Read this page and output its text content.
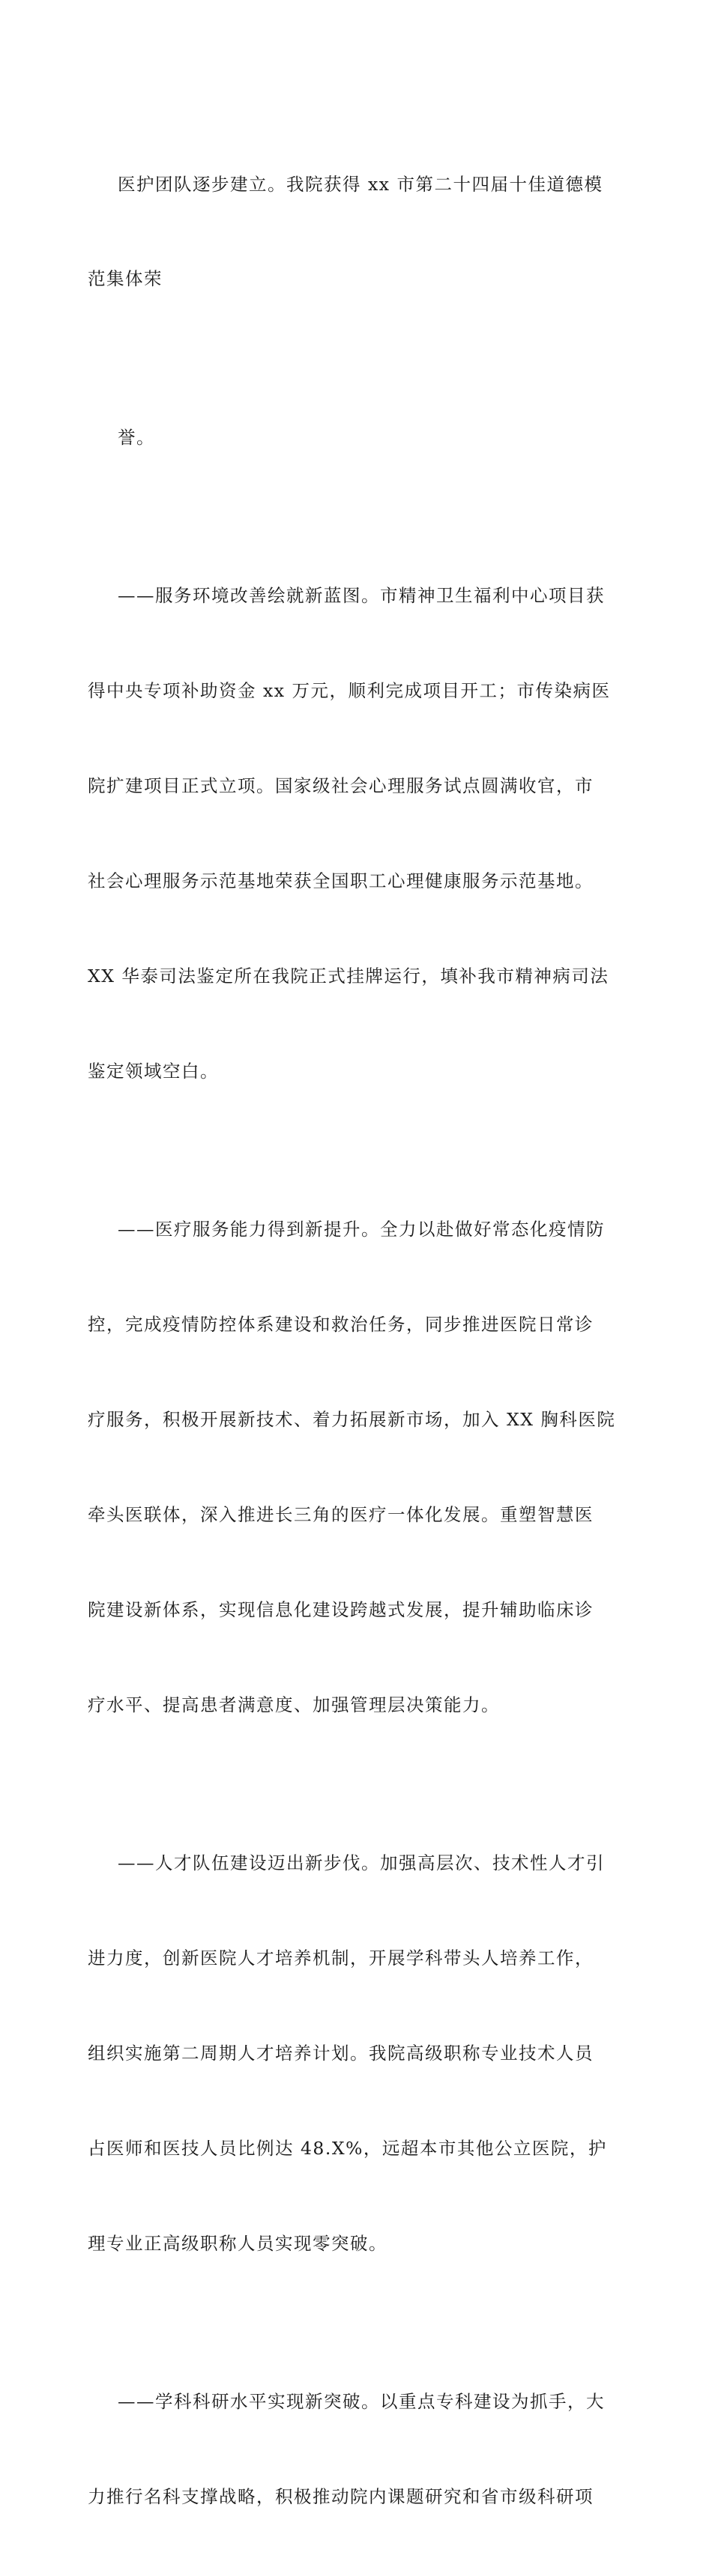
医护团队逐步建立。我院获得 xx 市第二十四届十佳道德模

范集体荣

誉。

——服务环境改善绘就新蓝图。市精神卫生福利中心项目获

得中央专项补助资金 xx 万元，顺利完成项目开工；市传染病医

院扩建项目正式立项。国家级社会心理服务试点圆满收官，市

社会心理服务示范基地荣获全国职工心理健康服务示范基地。

XX 华泰司法鉴定所在我院正式挂牌运行，填补我市精神病司法

鉴定领域空白。

——医疗服务能力得到新提升。全力以赴做好常态化疫情防

控，完成疫情防控体系建设和救治任务，同步推进医院日常诊

疗服务，积极开展新技术、着力拓展新市场，加入 XX 胸科医院

牵头医联体，深入推进长三角的医疗一体化发展。重塑智慧医

院建设新体系，实现信息化建设跨越式发展，提升辅助临床诊

疗水平、提高患者满意度、加强管理层决策能力。

——人才队伍建设迈出新步伐。加强高层次、技术性人才引

进力度，创新医院人才培养机制，开展学科带头人培养工作，

组织实施第二周期人才培养计划。我院高级职称专业技术人员

占医师和医技人员比例达 48.X%，远超本市其他公立医院，护

理专业正高级职称人员实现零突破。

——学科科研水平实现新突破。以重点专科建设为抓手，大

力推行名科支撑战略，积极推动院内课题研究和省市级科研项
